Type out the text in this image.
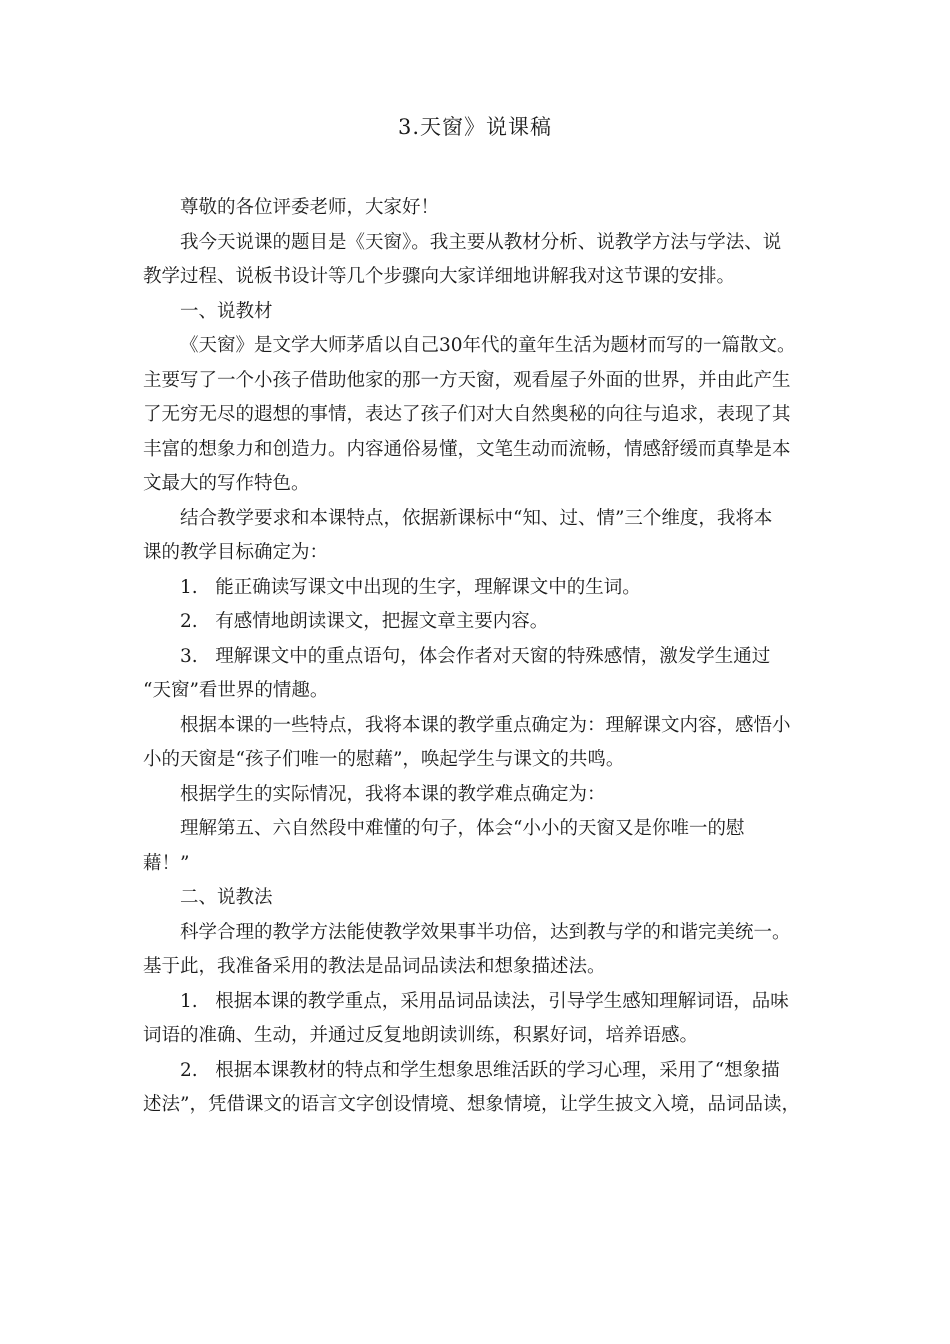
3.天窗》说课稿

尊敬的各位评委老师，大家好！

我今天说课的题目是《天窗》。我主要从教材分析、说教学方法与学法、说

教学过程、说板书设计等几个步骤向大家详细地讲解我对这节课的安排。

一、说教材

《天窗》是文学大师茅盾以自己30年代的童年生活为题材而写的一篇散文。

主要写了一个小孩子借助他家的那一方天窗，观看屋子外面的世界，并由此产生

了无穷无尽的遐想的事情，表达了孩子们对大自然奥秘的向往与追求，表现了其

丰富的想象力和创造力。内容通俗易懂，文笔生动而流畅，情感舒缓而真挚是本

文最大的写作特色。

结合教学要求和本课特点，依据新课标中“知、过、情”三个维度，我将本

课的教学目标确定为：

1.   能正确读写课文中出现的生字，理解课文中的生词。

2.   有感情地朗读课文，把握文章主要内容。

3.   理解课文中的重点语句，体会作者对天窗的特殊感情，激发学生通过

“天窗”看世界的情趣。

根据本课的一些特点，我将本课的教学重点确定为：理解课文内容，感悟小

小的天窗是“孩子们唯一的慰藉”，唤起学生与课文的共鸣。

根据学生的实际情况，我将本课的教学难点确定为：

理解第五、六自然段中难懂的句子，体会“小小的天窗又是你唯一的慰

藉！”

二、说教法

科学合理的教学方法能使教学效果事半功倍，达到教与学的和谐完美统一。

基于此，我准备采用的教法是品词品读法和想象描述法。

1.   根据本课的教学重点，采用品词品读法，引导学生感知理解词语，品味

词语的准确、生动，并通过反复地朗读训练，积累好词，培养语感。

2.   根据本课教材的特点和学生想象思维活跃的学习心理，采用了“想象描

述法”，凭借课文的语言文字创设情境、想象情境，让学生披文入境，品词品读，
